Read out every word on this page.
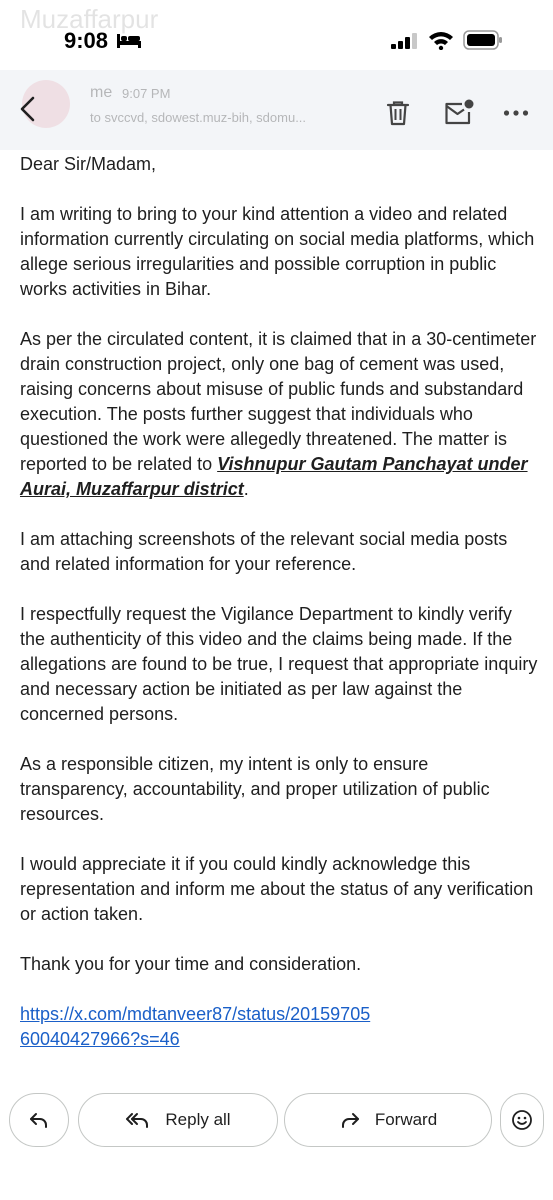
Muzaffarpur
9:08
me 9:07 PM
to svccvd, sdowest.muz-bih, sdomu...

Dear Sir/Madam,

I am writing to bring to your kind attention a video and related information currently circulating on social media platforms, which allege serious irregularities and possible corruption in public works activities in Bihar.

As per the circulated content, it is claimed that in a 30-centimeter drain construction project, only one bag of cement was used, raising concerns about misuse of public funds and substandard execution. The posts further suggest that individuals who questioned the work were allegedly threatened. The matter is reported to be related to Vishnupur Gautam Panchayat under Aurai, Muzaffarpur district.

I am attaching screenshots of the relevant social media posts and related information for your reference.

I respectfully request the Vigilance Department to kindly verify the authenticity of this video and the claims being made. If the allegations are found to be true, I request that appropriate inquiry and necessary action be initiated as per law against the concerned persons.

As a responsible citizen, my intent is only to ensure transparency, accountability, and proper utilization of public resources.

I would appreciate it if you could kindly acknowledge this representation and inform me about the status of any verification or action taken.

Thank you for your time and consideration.

https://x.com/mdtanveer87/status/2015970560040427966?s=46
Reply all	Forward
